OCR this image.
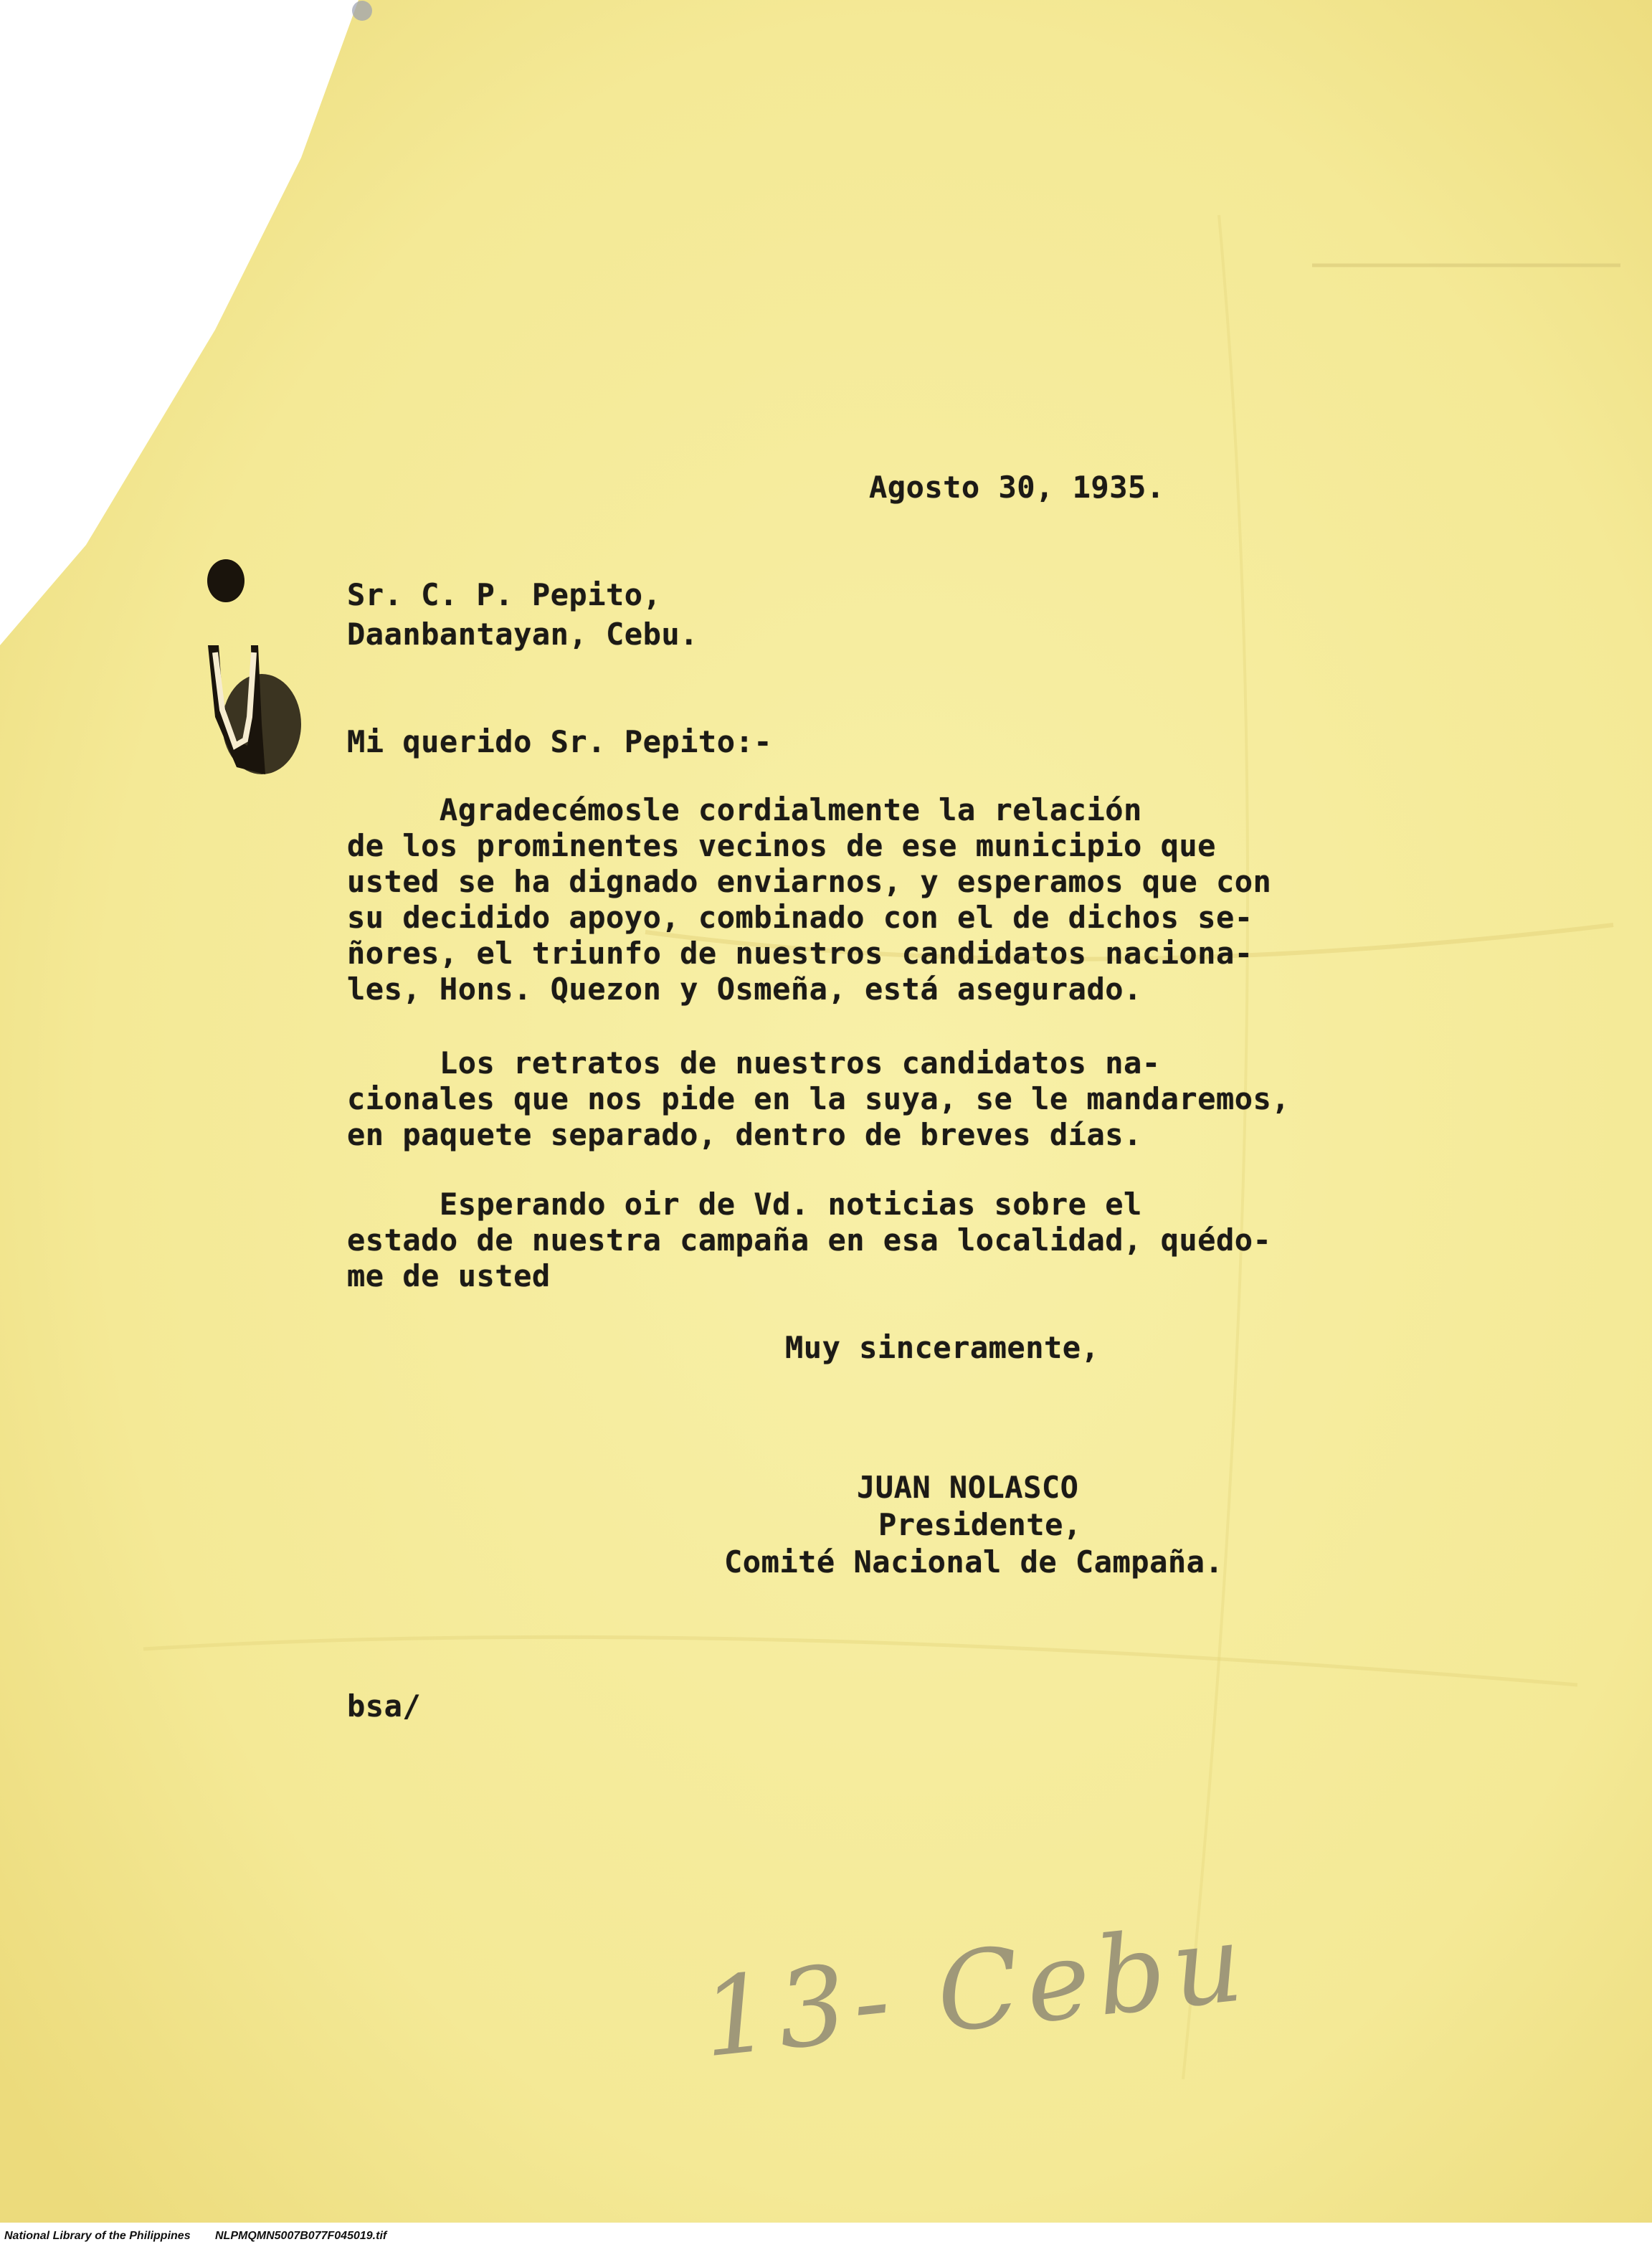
Agosto 30, 1935.
Sr. C. P. Pepito,
Daanbantayan, Cebu.
Mi querido Sr. Pepito:-
Agradecémosle cordialmente la relación
de los prominentes vecinos de ese municipio que
usted se ha dignado enviarnos, y esperamos que con
su decidido apoyo, combinado con el de dichos se-
ñores, el triunfo de nuestros candidatos naciona-
les, Hons. Quezon y Osmeña, está asegurado.
Los retratos de nuestros candidatos na-
cionales que nos pide en la suya, se le mandaremos,
en paquete separado, dentro de breves días.
Esperando oir de Vd. noticias sobre el
estado de nuestra campaña en esa localidad, quédo-
me de usted
Muy sinceramente,
JUAN NOLASCO
Presidente,
Comité Nacional de Campaña.
bsa/
13- Cebu
National Library of the Philippines NLPMQMN5007B077F045019.tif
